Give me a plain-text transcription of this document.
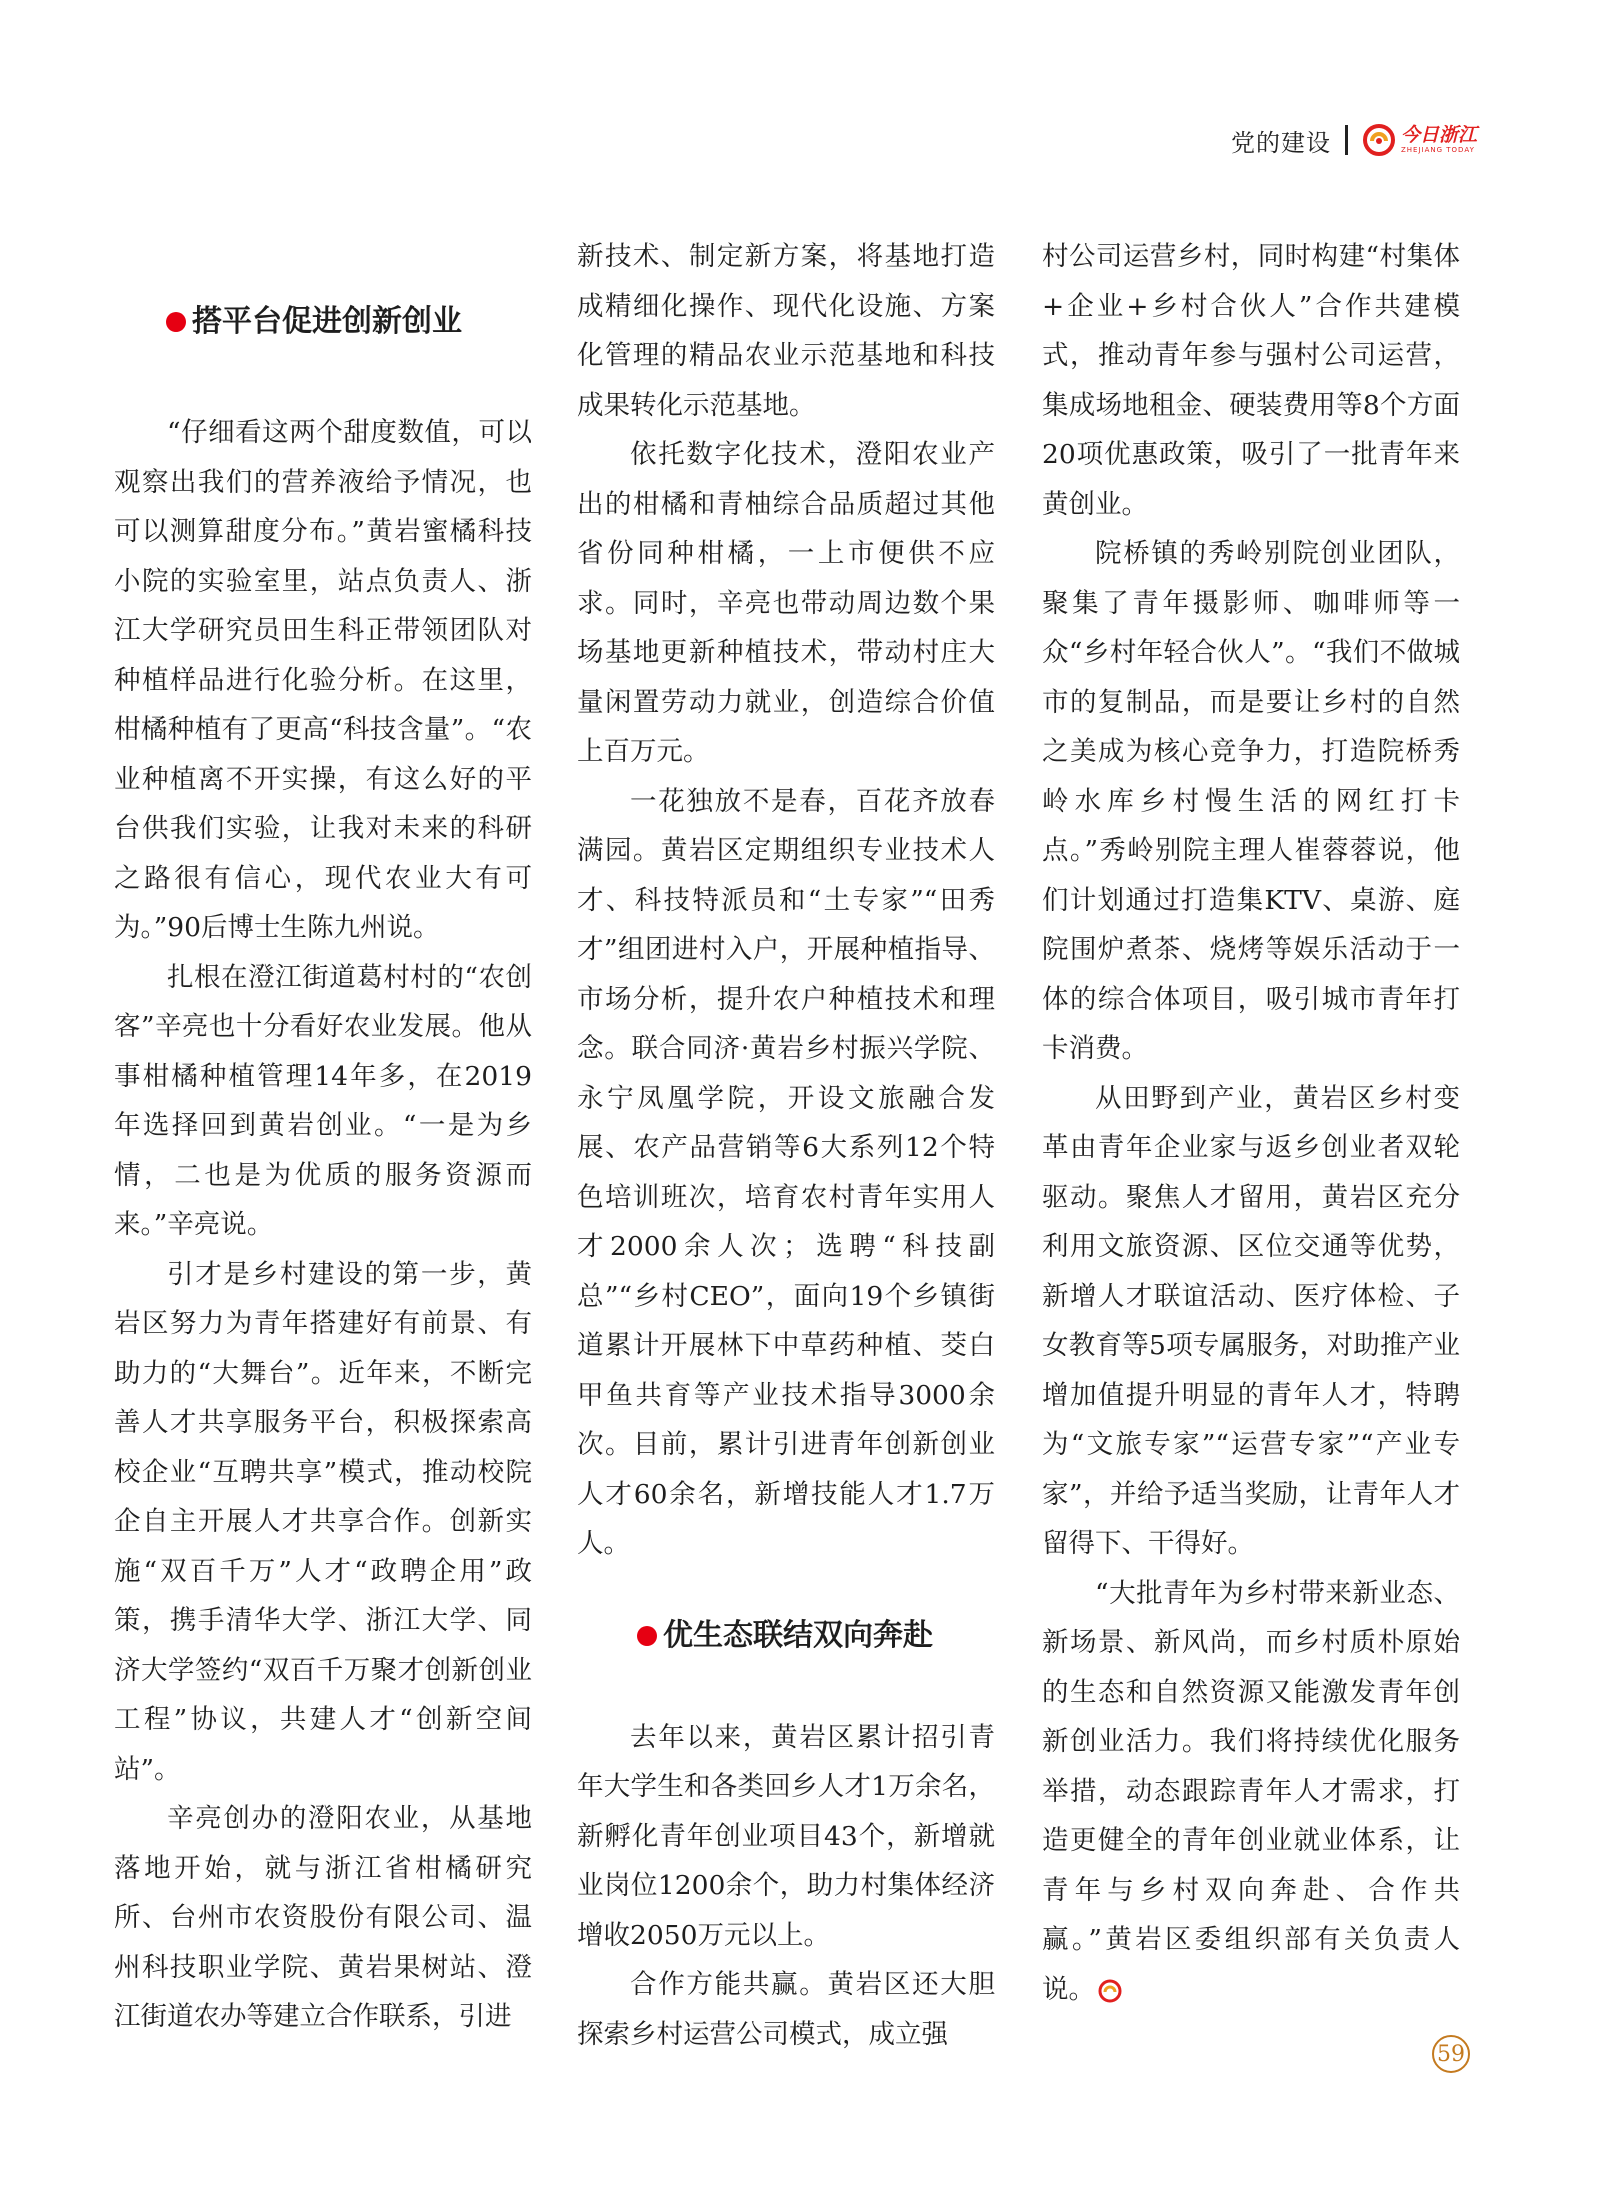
党的建设	今日浙江
ZHEJIANG TODAY
搭平台促进创新创业

“仔细看这两个甜度数值，可以观察出我们的营养液给予情况，也可以测算甜度分布。”黄岩蜜橘科技小院的实验室里，站点负责人、浙江大学研究员田生科正带领团队对种植样品进行化验分析。在这里，柑橘种植有了更高“科技含量”。“农业种植离不开实操，有这么好的平台供我们实验，让我对未来的科研之路很有信心，现代农业大有可为。”90后博士生陈九州说。

扎根在澄江街道葛村村的“农创客”辛亮也十分看好农业发展。他从事柑橘种植管理14年多，在2019年选择回到黄岩创业。“一是为乡情，二也是为优质的服务资源而来。”辛亮说。

引才是乡村建设的第一步，黄岩区努力为青年搭建好有前景、有助力的“大舞台”。近年来，不断完善人才共享服务平台，积极探索高校企业“互聘共享”模式，推动校院企自主开展人才共享合作。创新实施“双百千万”人才“政聘企用”政策，携手清华大学、浙江大学、同济大学签约“双百千万聚才创新创业工程”协议，共建人才“创新空间站”。

辛亮创办的澄阳农业，从基地落地开始，就与浙江省柑橘研究所、台州市农资股份有限公司、温州科技职业学院、黄岩果树站、澄江街道农办等建立合作联系，引进

新技术、制定新方案，将基地打造成精细化操作、现代化设施、方案化管理的精品农业示范基地和科技成果转化示范基地。

依托数字化技术，澄阳农业产出的柑橘和青柚综合品质超过其他省份同种柑橘，一上市便供不应求。同时，辛亮也带动周边数个果场基地更新种植技术，带动村庄大量闲置劳动力就业，创造综合价值上百万元。

一花独放不是春，百花齐放春满园。黄岩区定期组织专业技术人才、科技特派员和“土专家”“田秀才”组团进村入户，开展种植指导、市场分析，提升农户种植技术和理念。联合同济·黄岩乡村振兴学院、永宁凤凰学院，开设文旅融合发展、农产品营销等6大系列12个特色培训班次，培育农村青年实用人才2000余人次；选聘“科技副总”“乡村CEO”，面向19个乡镇街道累计开展林下中草药种植、茭白甲鱼共育等产业技术指导3000余次。目前，累计引进青年创新创业人才60余名，新增技能人才1.7万人。

优生态联结双向奔赴

去年以来，黄岩区累计招引青年大学生和各类回乡人才1万余名，新孵化青年创业项目43个，新增就业岗位1200余个，助力村集体经济增收2050万元以上。

合作方能共赢。黄岩区还大胆探索乡村运营公司模式，成立强

村公司运营乡村，同时构建“村集体+企业+乡村合伙人”合作共建模式，推动青年参与强村公司运营，集成场地租金、硬装费用等8个方面20项优惠政策，吸引了一批青年来黄创业。

院桥镇的秀岭别院创业团队，聚集了青年摄影师、咖啡师等一众“乡村年轻合伙人”。“我们不做城市的复制品，而是要让乡村的自然之美成为核心竞争力，打造院桥秀岭水库乡村慢生活的网红打卡点。”秀岭别院主理人崔蓉蓉说，他们计划通过打造集KTV、桌游、庭院围炉煮茶、烧烤等娱乐活动于一体的综合体项目，吸引城市青年打卡消费。

从田野到产业，黄岩区乡村变革由青年企业家与返乡创业者双轮驱动。聚焦人才留用，黄岩区充分利用文旅资源、区位交通等优势，新增人才联谊活动、医疗体检、子女教育等5项专属服务，对助推产业增加值提升明显的青年人才，特聘为“文旅专家”“运营专家”“产业专家”，并给予适当奖励，让青年人才留得下、干得好。

“大批青年为乡村带来新业态、新场景、新风尚，而乡村质朴原始的生态和自然资源又能激发青年创新创业活力。我们将持续优化服务举措，动态跟踪青年人才需求，打造更健全的青年创业就业体系，让青年与乡村双向奔赴、合作共赢。”黄岩区委组织部有关负责人说。

59
